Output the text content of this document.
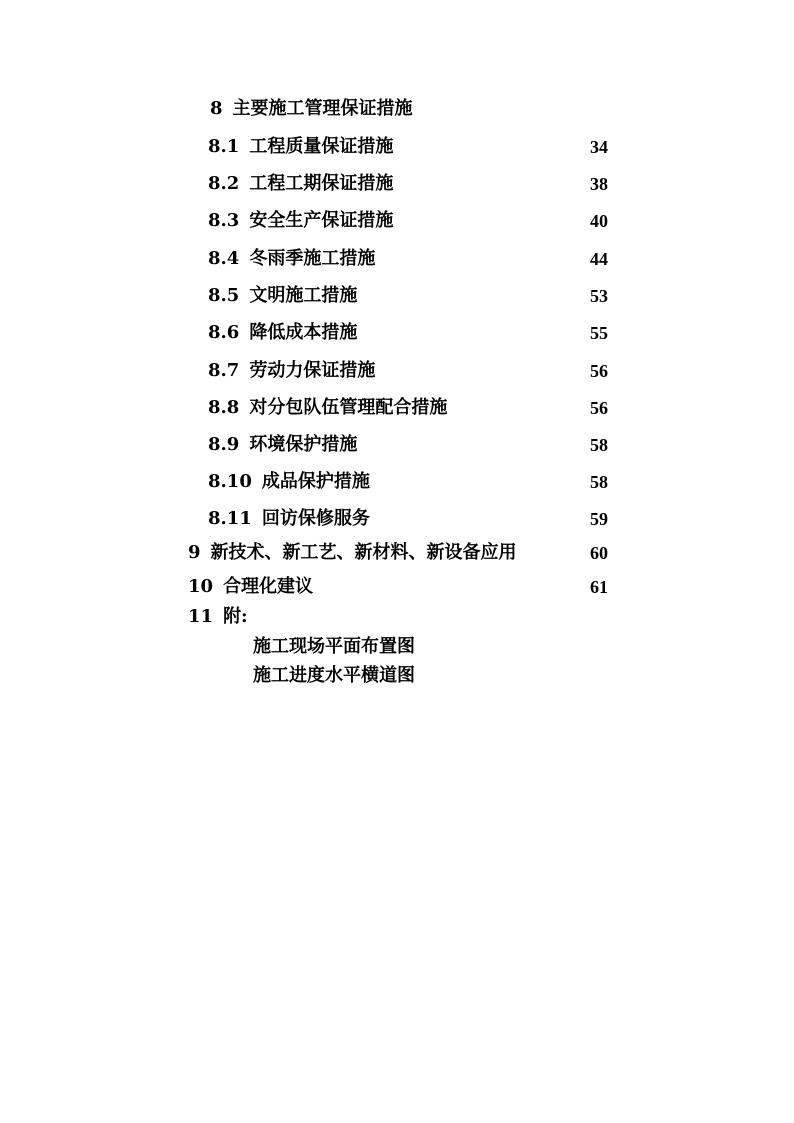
8 主要施工管理保证措施
8.1 工程质量保证措施	34
8.2 工程工期保证措施	38
8.3 安全生产保证措施	40
8.4 冬雨季施工措施	44
8.5 文明施工措施	53
8.6 降低成本措施	55
8.7 劳动力保证措施	56
8.8 对分包队伍管理配合措施	56
8.9 环境保护措施	58
8.10 成品保护措施	58
8.11 回访保修服务	59
9 新技术、新工艺、新材料、新设备应用	60
10 合理化建议	61
11 附:
施工现场平面布置图
施工进度水平横道图
